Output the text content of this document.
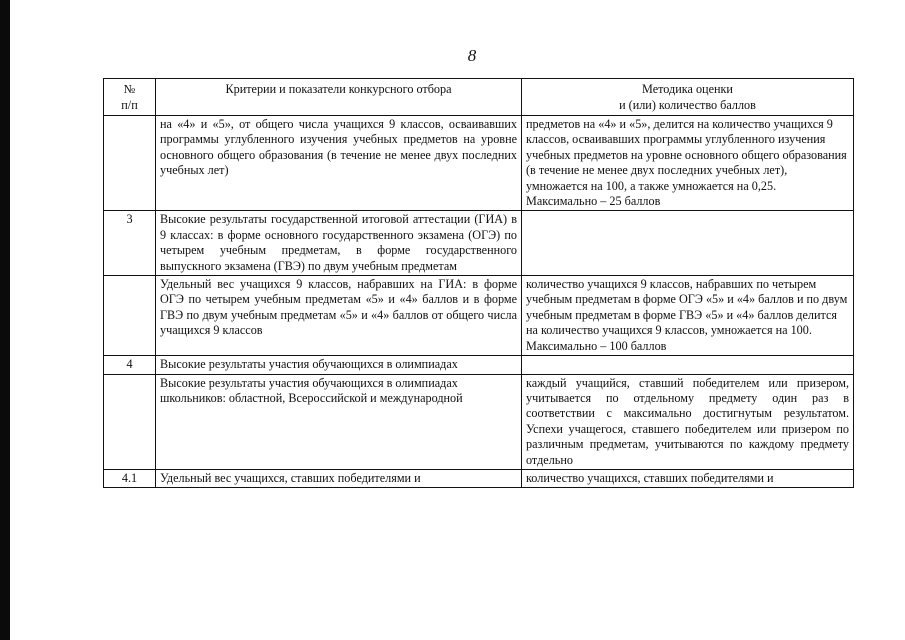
8
№
п/п	Критерии и показатели конкурсного отбора	Методика оценки
и (или) количество баллов

	на «4» и «5», от общего числа учащихся 9 классов, осваивавших программы углубленного изучения учебных предметов на уровне основного общего образования (в течение не менее двух последних учебных лет)	предметов на «4» и «5», делится на количество учащихся 9 классов, осваивавших программы углубленного изучения учебных предметов на уровне основного общего образования (в течение не менее двух последних учебных лет), умножается на 100, а также умножается на 0,25.
Максимально – 25 баллов

3	Высокие результаты государственной итоговой аттестации (ГИА) в 9 классах: в форме основного государственного экзамена (ОГЭ) по четырем учебным предметам, в форме государственного выпускного экзамена (ГВЭ) по двум учебным предметам	
	Удельный вес учащихся 9 классов, набравших на ГИА: в форме ОГЭ по четырем учебным предметам «5» и «4» баллов и в форме ГВЭ по двум учебным предметам «5» и «4» баллов от общего числа учащихся 9 классов	количество учащихся 9 классов, набравших по четырем учебным предметам в форме ОГЭ «5» и «4» баллов и по двум учебным предметам в форме ГВЭ «5» и «4» баллов делится на количество учащихся 9 классов, умножается на 100.
Максимально – 100 баллов

4	Высокие результаты участия обучающихся в олимпиадах	
	Высокие результаты участия обучающихся в олимпиадах школьников: областной, Всероссийской и международной	каждый учащийся, ставший победителем или призером, учитывается по отдельному предмету один раз в соответствии с максимально достигнутым результатом. Успехи учащегося, ставшего победителем или призером по различным предметам, учитываются по каждому предмету отдельно
4.1	Удельный вес учащихся, ставших победителями и	количество учащихся, ставших победителями и
